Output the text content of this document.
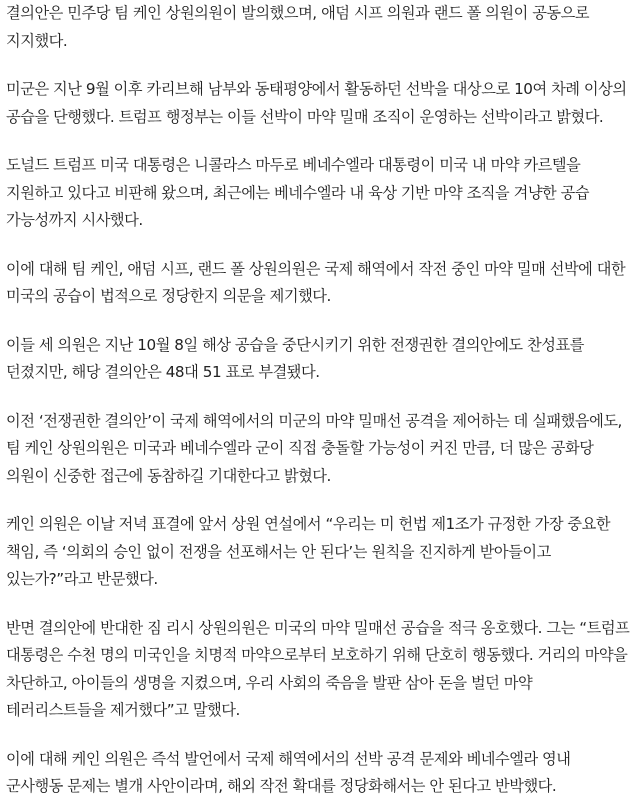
결의안은 민주당 팀 케인 상원의원이 발의했으며, 애덤 시프 의원과 랜드 폴 의원이 공동으로 지지했다.

미군은 지난 9월 이후 카리브해 남부와 동태평양에서 활동하던 선박을 대상으로 10여 차례 이상의 공습을 단행했다. 트럼프 행정부는 이들 선박이 마약 밀매 조직이 운영하는 선박이라고 밝혔다.

도널드 트럼프 미국 대통령은 니콜라스 마두로 베네수엘라 대통령이 미국 내 마약 카르텔을 지원하고 있다고 비판해 왔으며, 최근에는 베네수엘라 내 육상 기반 마약 조직을 겨냥한 공습 가능성까지 시사했다.

이에 대해 팀 케인, 애덤 시프, 랜드 폴 상원의원은 국제 해역에서 작전 중인 마약 밀매 선박에 대한 미국의 공습이 법적으로 정당한지 의문을 제기했다.

이들 세 의원은 지난 10월 8일 해상 공습을 중단시키기 위한 전쟁권한 결의안에도 찬성표를 던졌지만, 해당 결의안은 48대 51 표로 부결됐다.

이전 ‘전쟁권한 결의안’이 국제 해역에서의 미군의 마약 밀매선 공격을 제어하는 데 실패했음에도, 팀 케인 상원의원은 미국과 베네수엘라 군이 직접 충돌할 가능성이 커진 만큼, 더 많은 공화당 의원이 신중한 접근에 동참하길 기대한다고 밝혔다.

케인 의원은 이날 저녁 표결에 앞서 상원 연설에서 “우리는 미 헌법 제1조가 규정한 가장 중요한 책임, 즉 ‘의회의 승인 없이 전쟁을 선포해서는 안 된다’는 원칙을 진지하게 받아들이고 있는가?”라고 반문했다.

반면 결의안에 반대한 짐 리시 상원의원은 미국의 마약 밀매선 공습을 적극 옹호했다. 그는 “트럼프 대통령은 수천 명의 미국인을 치명적 마약으로부터 보호하기 위해 단호히 행동했다. 거리의 마약을 차단하고, 아이들의 생명을 지켰으며, 우리 사회의 죽음을 발판 삼아 돈을 벌던 마약 테러리스트들을 제거했다”고 말했다.

이에 대해 케인 의원은 즉석 발언에서 국제 해역에서의 선박 공격 문제와 베네수엘라 영내 군사행동 문제는 별개 사안이라며, 해외 작전 확대를 정당화해서는 안 된다고 반박했다.
